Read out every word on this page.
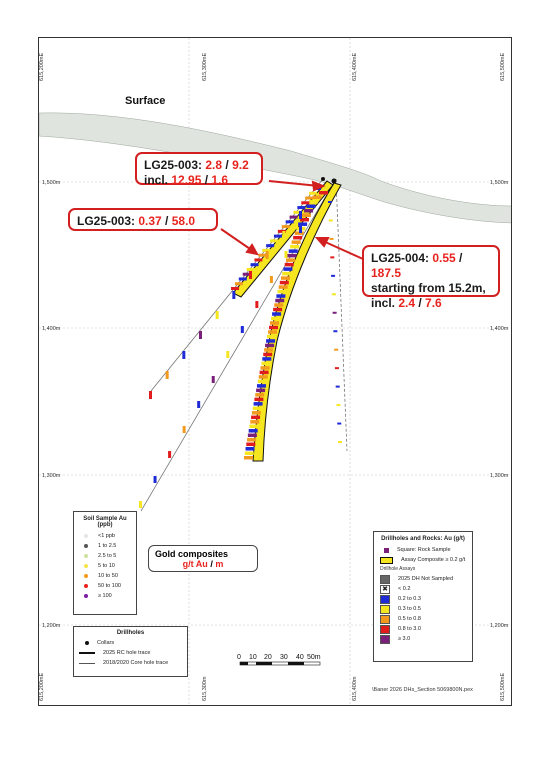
615,200mE	615,300mE	615,400mE	615,500mE
615,200mE	615,300m	615,400m	615,500mE
1,500m
1,400m
1,300m
1,200m
1,500m
1,400m
1,300m
1,200m
Surface
0 10 20 30 40 50m
\Baner 2026 DHs_Section 5069800N.pex
LG25-003: 2.8 / 9.2
incl. 12.95 / 1.6
LG25-003: 0.37 / 58.0
LG25-004: 0.55 / 187.5
starting from 15.2m,
incl. 2.4 / 7.6
Gold composites
g/t Au / m
Soil Sample Au (ppb)
<1 ppb
1 to 2.5
2.5 to 5
5 to 10
10 to 50
50 to 100
≥ 100
Drillholes
Collars
2025 RC hole trace
2018/2020 Core hole trace
Drillholes and Rocks: Au (g/t)
Square: Rock Sample
Assay Composite ≥ 0.2 g/t
Drillhole Assays
2025 DH Not Sampled
✖	< 0.2
0.2 to 0.3
0.3 to 0.5
0.5 to 0.8
0.8 to 3.0
≥ 3.0
